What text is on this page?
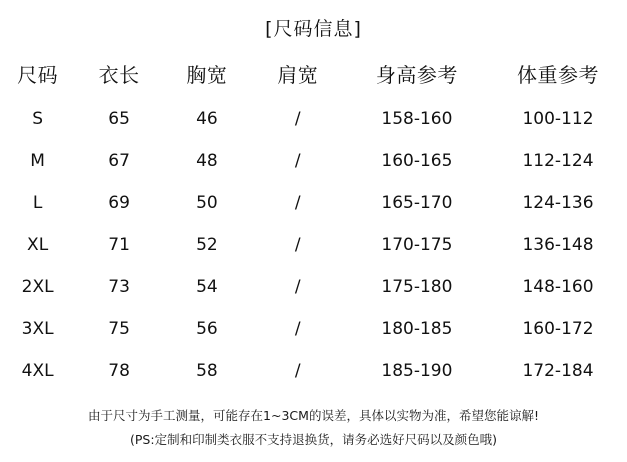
[尺码信息]
尺码	衣长	胸宽	肩宽	身高参考	体重参考
S	65	46	/	158-160	100-112
M	67	48	/	160-165	112-124
L	69	50	/	165-170	124-136
XL	71	52	/	170-175	136-148
2XL	73	54	/	175-180	148-160
3XL	75	56	/	180-185	160-172
4XL	78	58	/	185-190	172-184
由于尺寸为手工测量，可能存在1~3CM的误差，具体以实物为准，希望您能谅解!
(PS:定制和印制类衣服不支持退换货，请务必选好尺码以及颜色哦)
